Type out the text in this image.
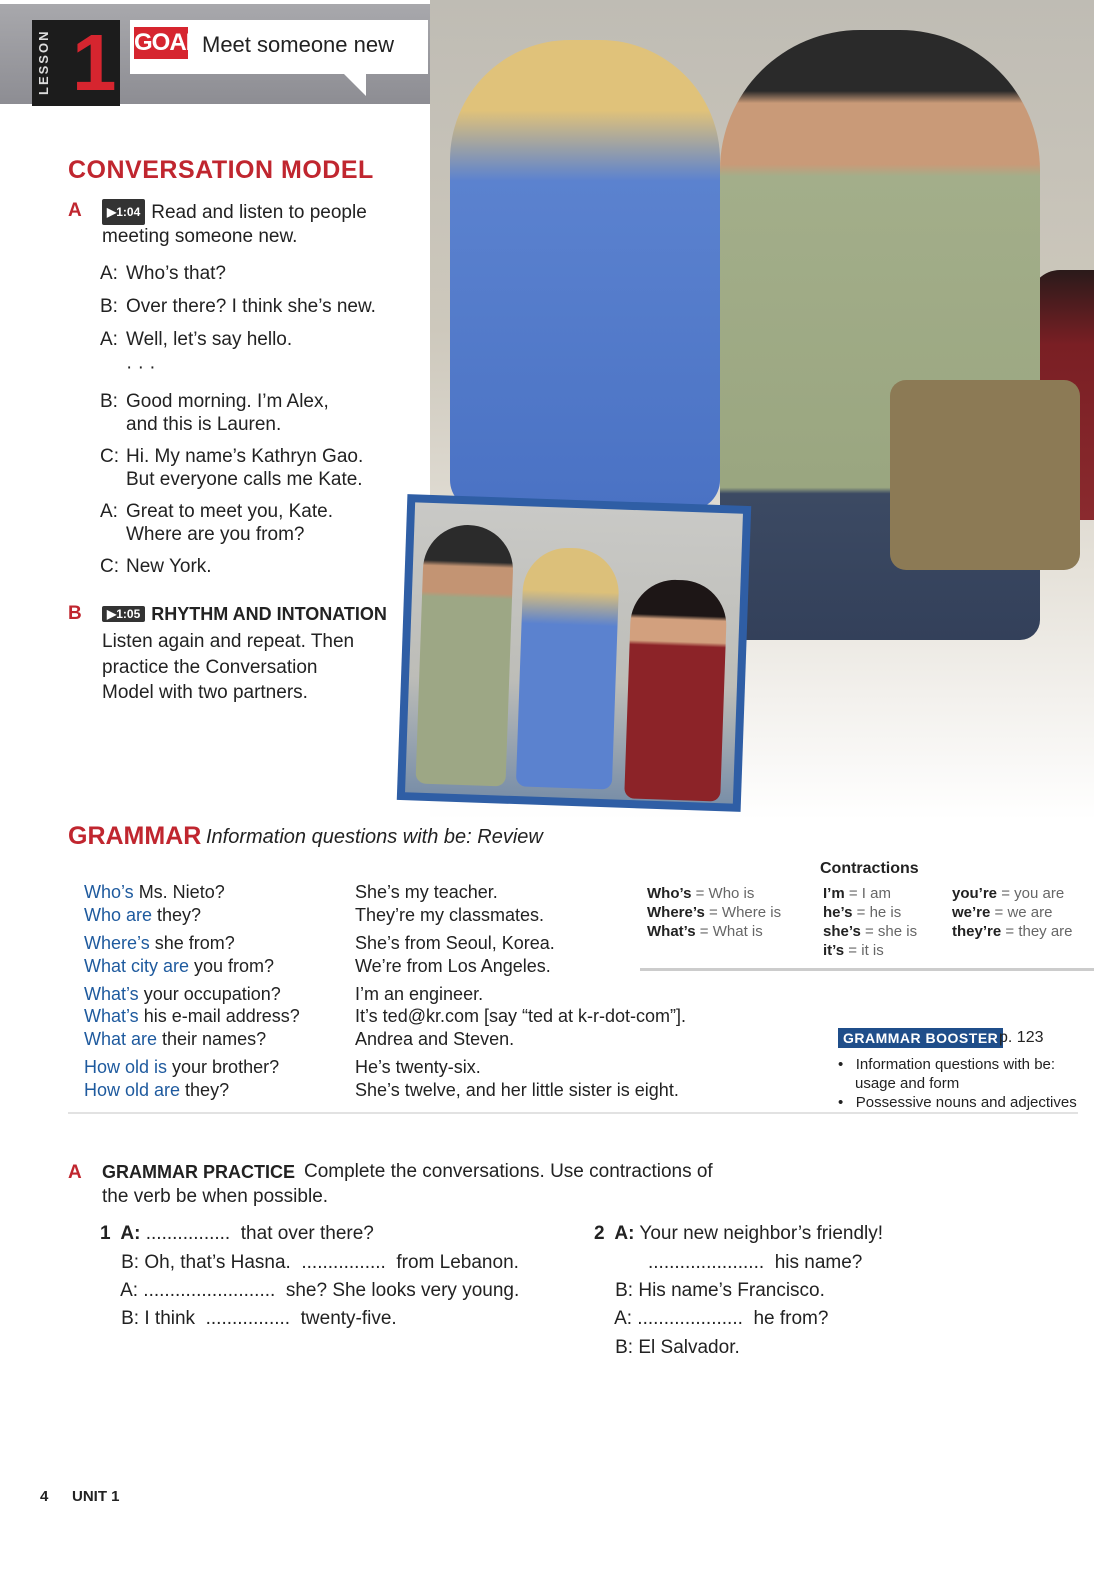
LESSON 1 GOAL Meet someone new
CONVERSATION MODEL
A	▶1:04 Read and listen to people
meeting someone new.
A: Who’s that?
B: Over there? I think she’s new.
A: Well, let’s say hello.
· · ·
B: Good morning. I’m Alex,
and this is Lauren.
C: Hi. My name’s Kathryn Gao.
But everyone calls me Kate.
A: Great to meet you, Kate.
Where are you from?
C: New York.
B	▶1:05 RHYTHM AND INTONATION
Listen again and repeat. Then
practice the Conversation
Model with two partners.
GRAMMAR Information questions with be: Review
Who’s Ms. Nieto?	She’s my teacher.
Who are they?	They’re my classmates.
Where’s she from?	She’s from Seoul, Korea.
What city are you from?	We’re from Los Angeles.
What’s your occupation?	I’m an engineer.
What’s his e-mail address?	It’s ted@kr.com [say “ted at k-r-dot-com”].
What are their names?	Andrea and Steven.
How old is your brother?	He’s twenty-six.
How old are they?	She’s twelve, and her little sister is eight.
Contractions
Who’s = Who is
Where’s = Where is
What’s = What is
I’m = I am
he’s = he is
she’s = she is
it’s = it is
you’re = you are
we’re = we are
they’re = they are
GRAMMAR BOOSTER p. 123
•   Information questions with be:
usage and form
•   Possessive nouns and adjectives
A GRAMMAR PRACTICE Complete the conversations. Use contractions of
the verb be when possible.
1  A: ................  that over there?
B: Oh, that’s Hasna.  ................  from Lebanon.
A: .........................  she? She looks very young.
B: I think  ................  twenty-five.
2  A: Your new neighbor’s friendly!
......................  his name?
B: His name’s Francisco.
A: ....................  he from?
B: El Salvador.
4 UNIT 1
